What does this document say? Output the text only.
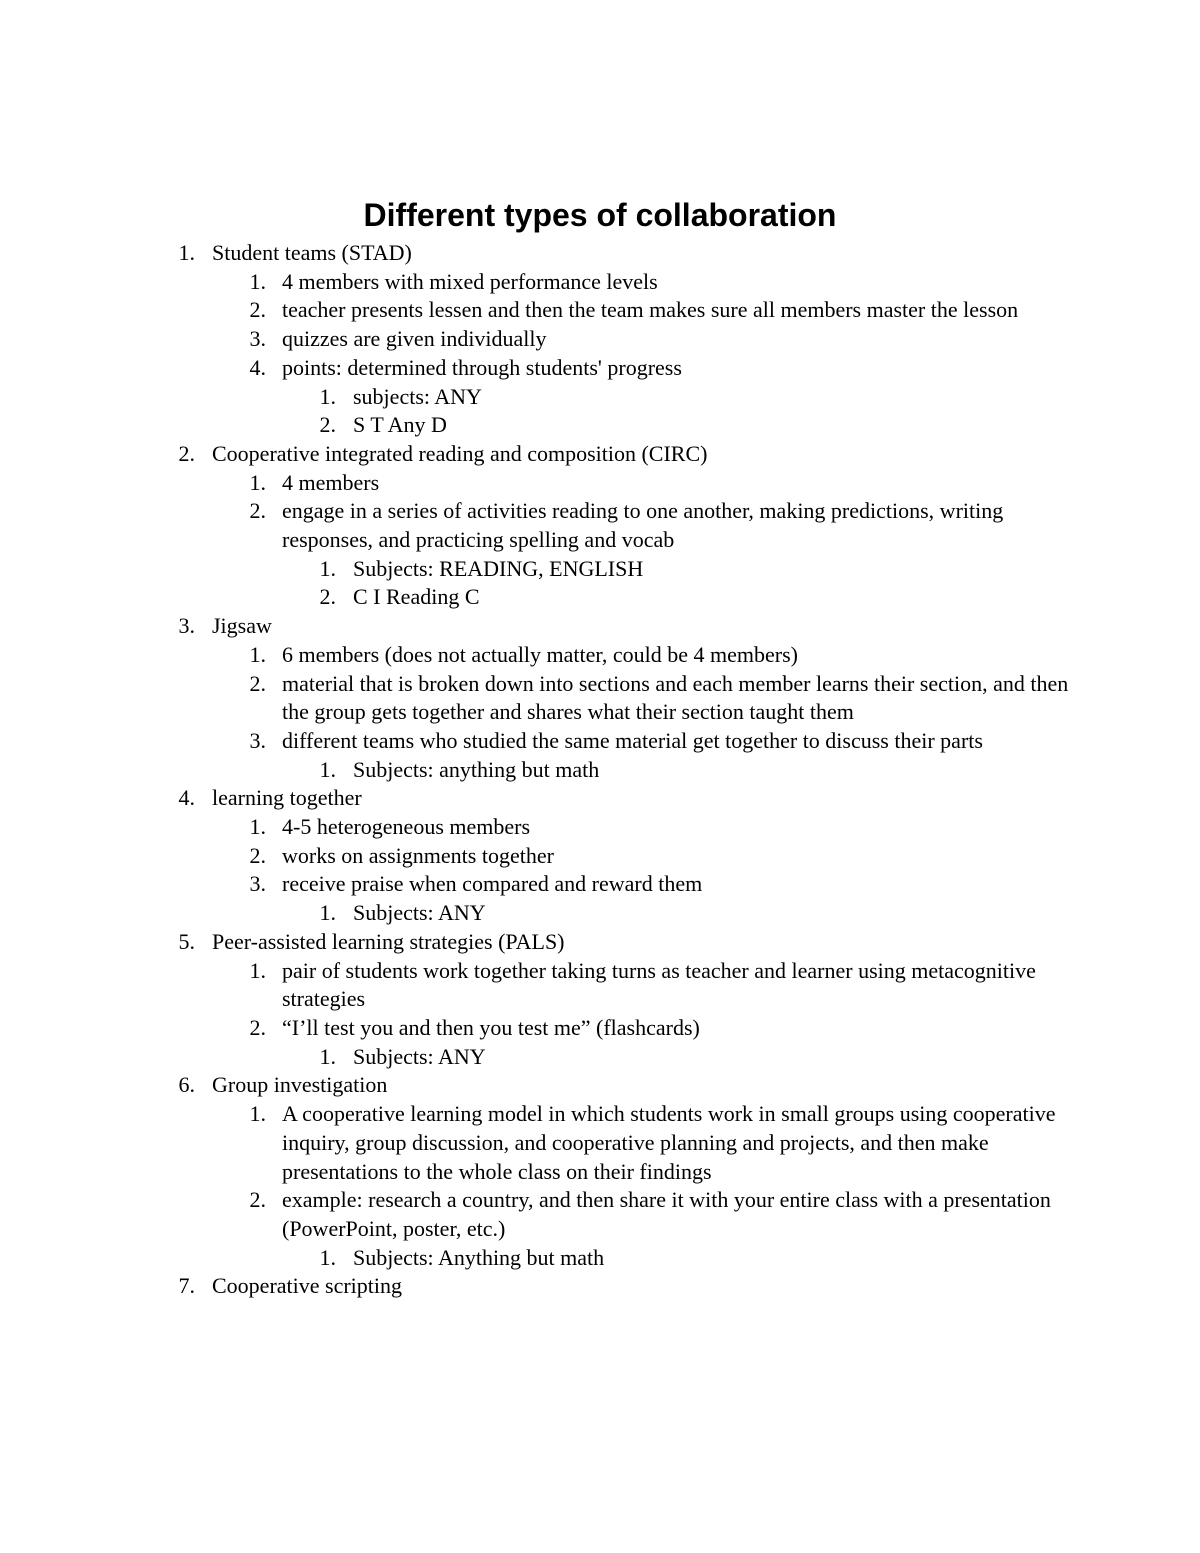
Different types of collaboration
1. Student teams (STAD)
1. 4 members with mixed performance levels
2. teacher presents lessen and then the team makes sure all members master the lesson
3. quizzes are given individually
4. points: determined through students' progress
1. subjects: ANY
2. S T Any D
2. Cooperative integrated reading and composition (CIRC)
1. 4 members
2. engage in a series of activities reading to one another, making predictions, writing responses, and practicing spelling and vocab
1. Subjects: READING, ENGLISH
2. C I Reading C
3. Jigsaw
1. 6 members (does not actually matter, could be 4 members)
2. material that is broken down into sections and each member learns their section, and then the group gets together and shares what their section taught them
3. different teams who studied the same material get together to discuss their parts
1. Subjects: anything but math
4. learning together
1. 4-5 heterogeneous members
2. works on assignments together
3. receive praise when compared and reward them
1. Subjects: ANY
5. Peer-assisted learning strategies (PALS)
1. pair of students work together taking turns as teacher and learner using metacognitive strategies
2. “I’ll test you and then you test me” (flashcards)
1. Subjects: ANY
6. Group investigation
1. A cooperative learning model in which students work in small groups using cooperative inquiry, group discussion, and cooperative planning and projects, and then make presentations to the whole class on their findings
2. example: research a country, and then share it with your entire class with a presentation (PowerPoint, poster, etc.)
1. Subjects: Anything but math
7. Cooperative scripting
